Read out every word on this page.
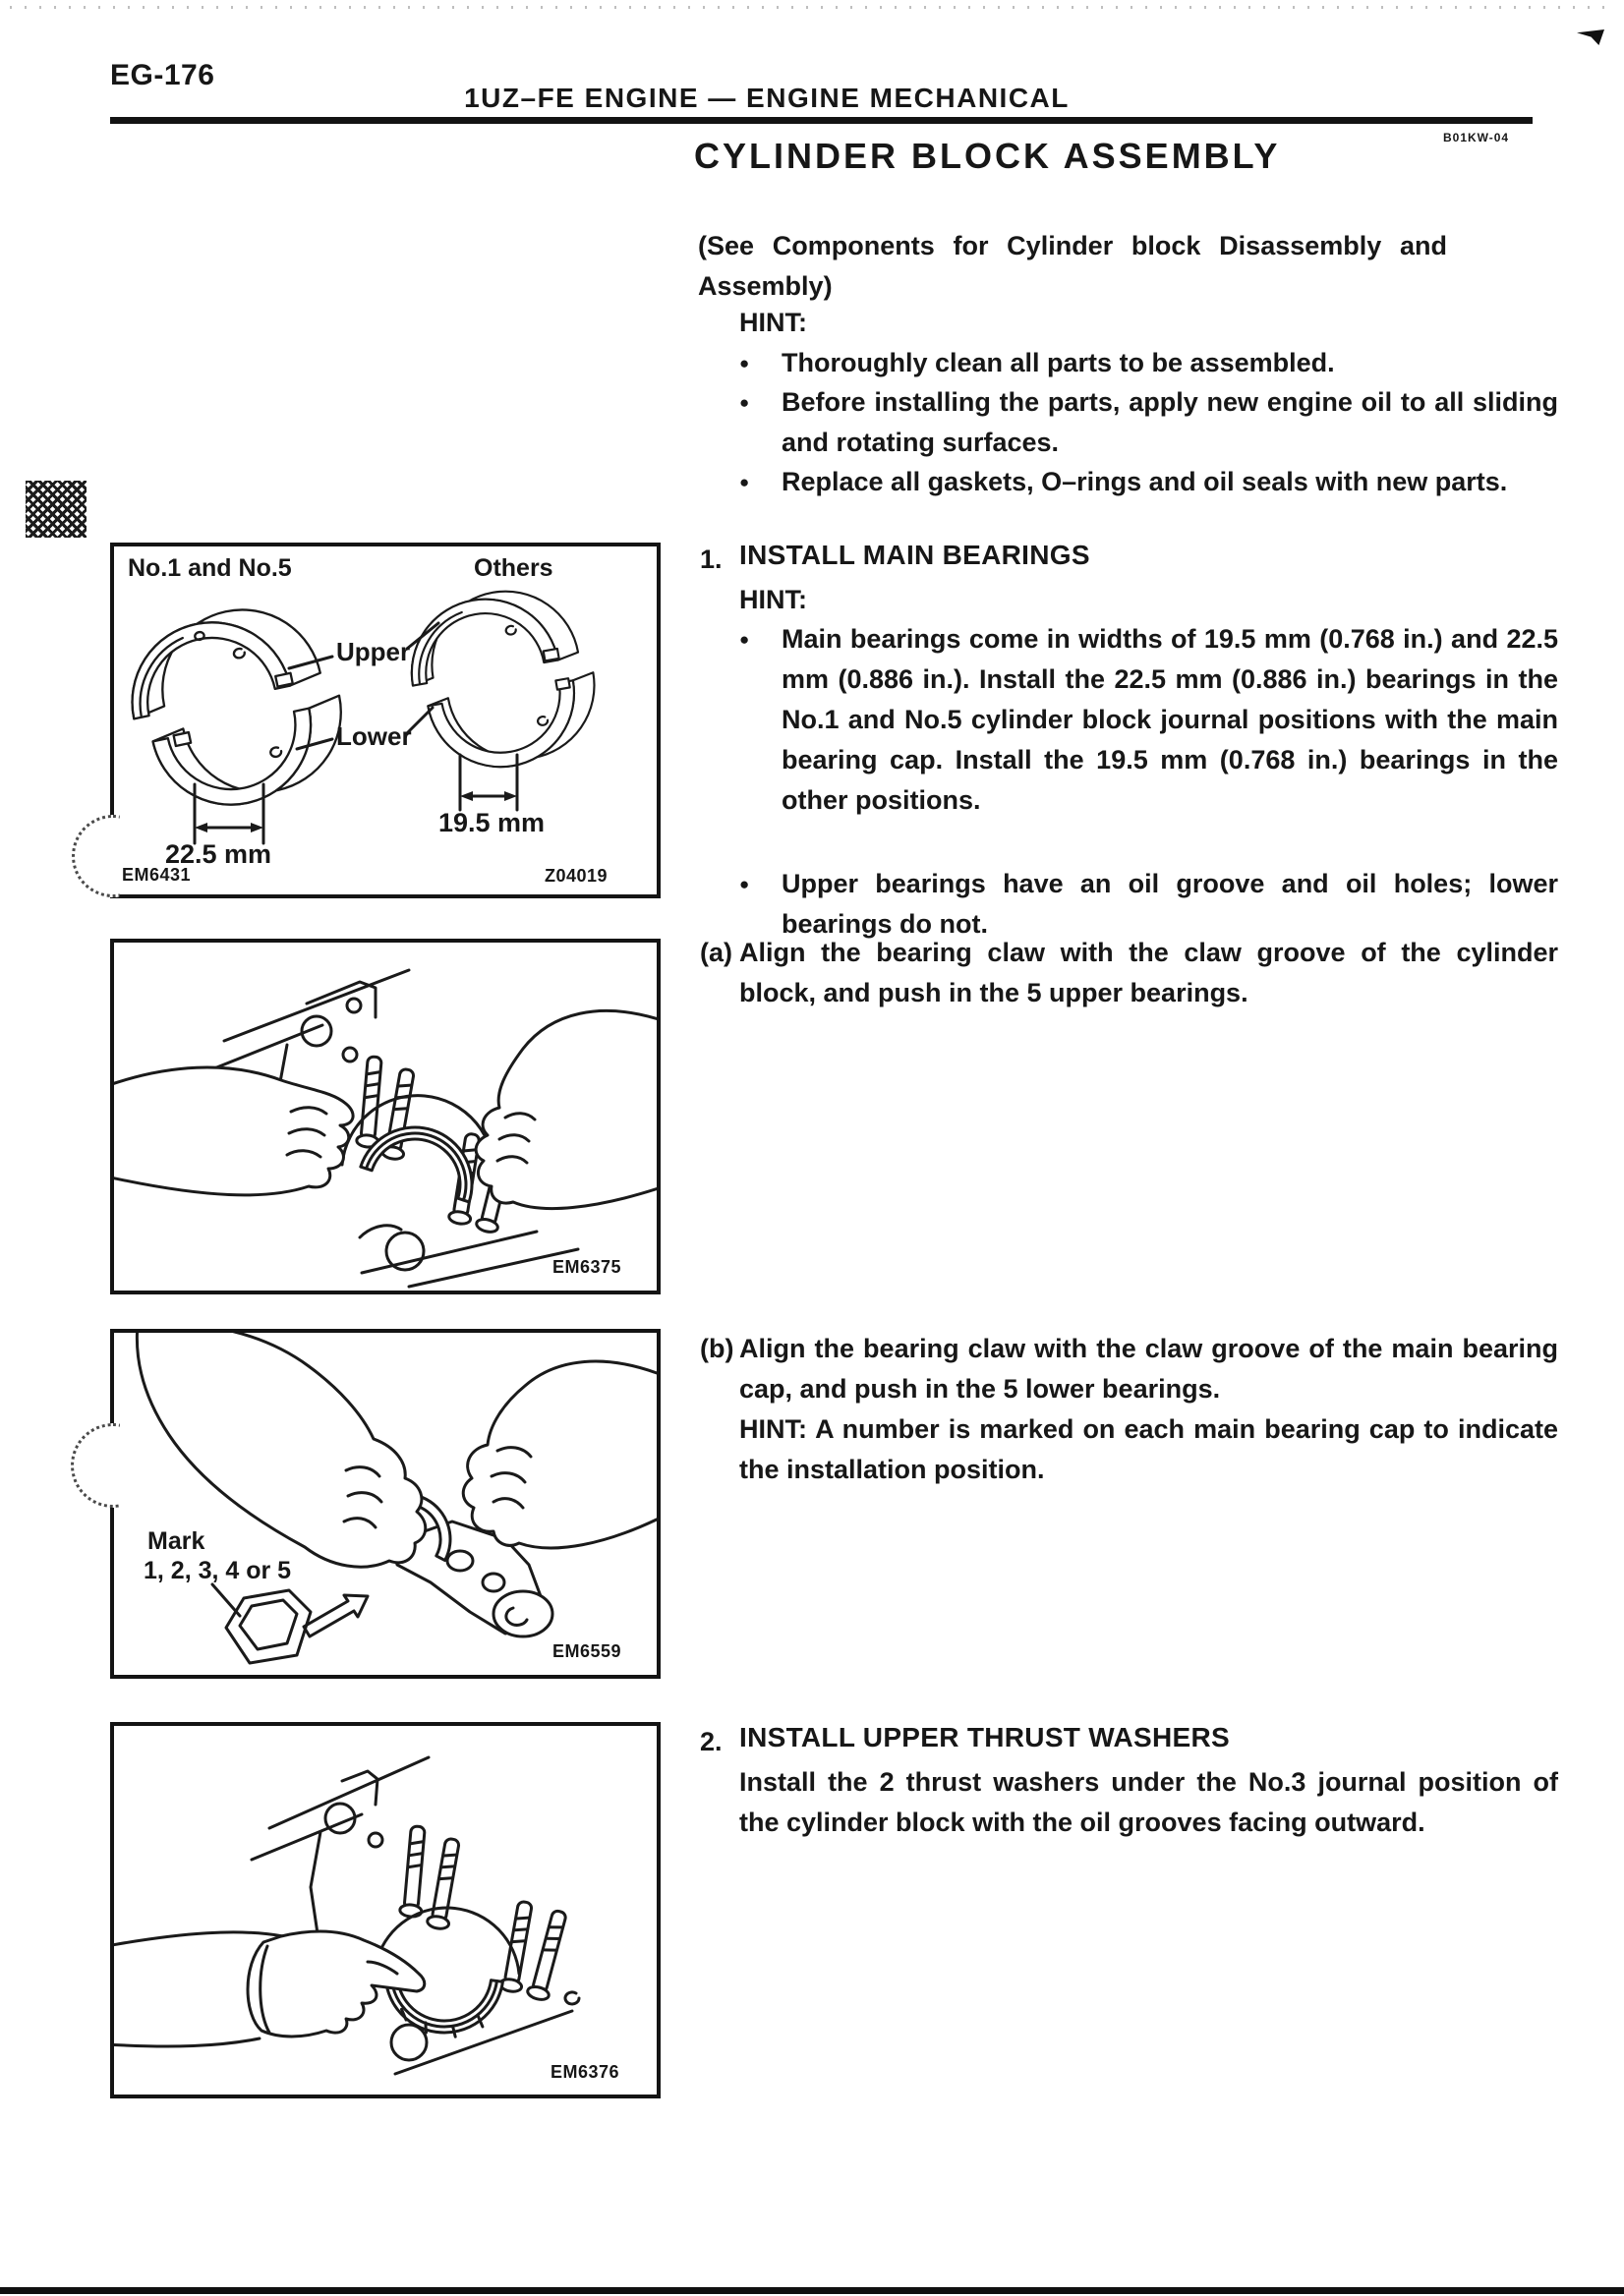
EG-176
1UZ–FE ENGINE — ENGINE MECHANICAL
CYLINDER BLOCK ASSEMBLY	B01KW-04
(See Components for Cylinder block Disassembly and Assembly)
HINT:
●	Thoroughly clean all parts to be assembled.
●	Before installing the parts, apply new engine oil to all sliding and rotating surfaces.
●	Replace all gaskets, O–rings and oil seals with new parts.
1. INSTALL MAIN BEARINGS
HINT:
●	Main bearings come in widths of 19.5 mm (0.768 in.) and 22.5 mm (0.886 in.). Install the 22.5 mm (0.886 in.) bearings in the No.1 and No.5 cylinder block journal positions with the main bearing cap. Install the 19.5 mm (0.768 in.) bearings in the other positions.
●	Upper bearings have an oil groove and oil holes; lower bearings do not.
(a) Align the bearing claw with the claw groove of the cylinder block, and push in the 5 upper bearings.
(b) Align the bearing claw with the claw groove of the main bearing cap, and push in the 5 lower bearings.
HINT: A number is marked on each main bearing cap to indicate the installation position.
2. INSTALL UPPER THRUST WASHERS
Install the 2 thrust washers under the No.3 journal position of the cylinder block with the oil grooves facing outward.
No.1 and No.5	Others
Upper
Lower
22.5 mm
19.5 mm
EM6431	Z04019
EM6375
Mark
1, 2, 3, 4 or 5
EM6559
EM6376
